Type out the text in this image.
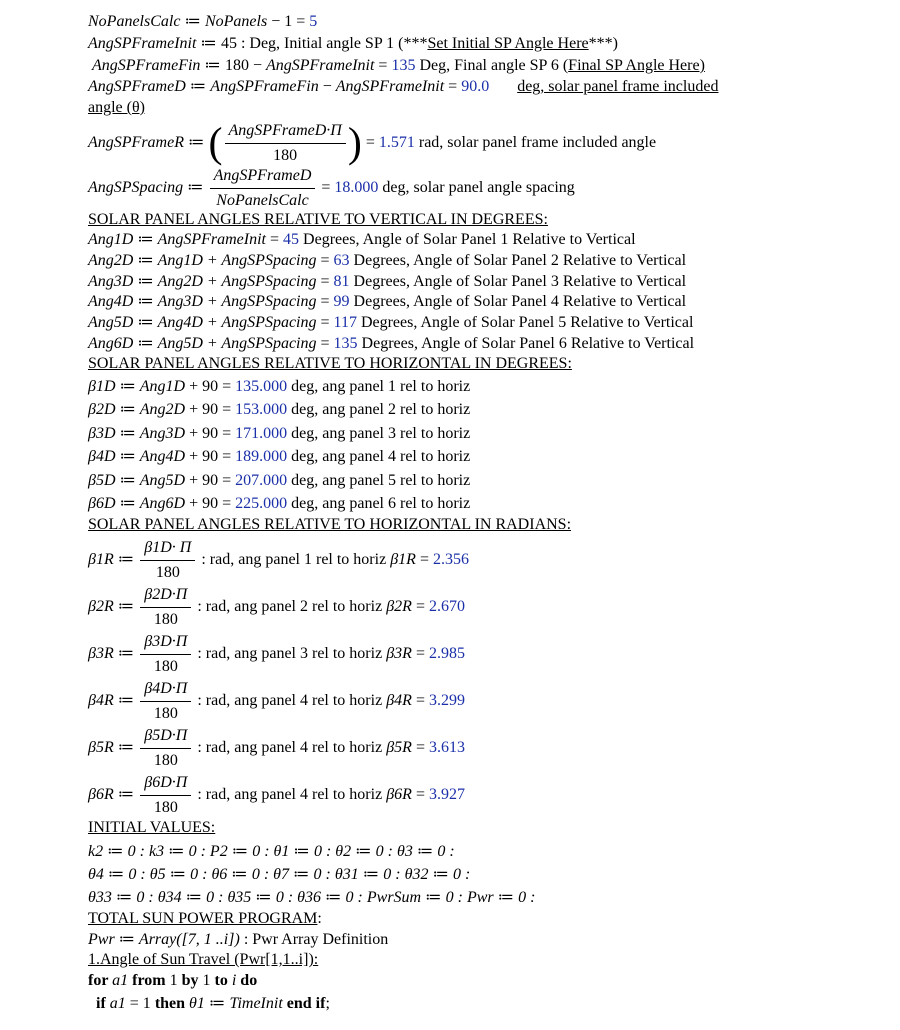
NoPanelsCalc ≔ NoPanels − 1 = 5
AngSPFrameInit ≔ 45 : Deg, Initial angle SP 1 (***Set Initial SP Angle Here***)
AngSPFrameFin ≔ 180 − AngSPFrameInit = 135 Deg, Final angle SP 6 (Final SP Angle Here)
AngSPFrameD ≔ AngSPFrameFin − AngSPFrameInit = 90.0 deg, solar panel frame included
angle (θ)
AngSPFrameR ≔ ( $\frac{\text{AngSPFrameD·Π}}{180}$ ) = 1.571 rad, solar panel frame included angle
AngSPSpacing ≔ $\frac{\text{AngSPFrameD}}{\text{NoPanelsCalc}} = 18.000$ deg, solar panel angle spacing
SOLAR PANEL ANGLES RELATIVE TO VERTICAL IN DEGREES:
Ang1D ≔ AngSPFrameInit = 45 Degrees, Angle of Solar Panel 1 Relative to Vertical
Ang2D ≔ Ang1D + AngSPSpacing = 63 Degrees, Angle of Solar Panel 2 Relative to Vertical
Ang3D ≔ Ang2D + AngSPSpacing = 81 Degrees, Angle of Solar Panel 3 Relative to Vertical
Ang4D ≔ Ang3D + AngSPSpacing = 99 Degrees, Angle of Solar Panel 4 Relative to Vertical
Ang5D ≔ Ang4D + AngSPSpacing = 117 Degrees, Angle of Solar Panel 5 Relative to Vertical
Ang6D ≔ Ang5D + AngSPSpacing = 135 Degrees, Angle of Solar Panel 6 Relative to Vertical
SOLAR PANEL ANGLES RELATIVE TO HORIZONTAL IN DEGREES:
β1D ≔ Ang1D + 90 = 135.000 deg, ang panel 1 rel to horiz
β2D ≔ Ang2D + 90 = 153.000 deg, ang panel 2 rel to horiz
β3D ≔ Ang3D + 90 = 171.000 deg, ang panel 3 rel to horiz
β4D ≔ Ang4D + 90 = 189.000 deg, ang panel 4 rel to horiz
β5D ≔ Ang5D + 90 = 207.000 deg, ang panel 5 rel to horiz
β6D ≔ Ang6D + 90 = 225.000 deg, ang panel 6 rel to horiz
SOLAR PANEL ANGLES RELATIVE TO HORIZONTAL IN RADIANS:
β1R ≔ $\frac{\beta 1D\cdot \Pi}{180}$ : rad, ang panel 1 rel to horiz β1R = 2.356
β2R ≔ $\frac{\beta 2D\cdot\Pi}{180}$ : rad, ang panel 2 rel to horiz β2R = 2.670
β3R ≔ $\frac{\beta 3D\cdot\Pi}{180}$ : rad, ang panel 3 rel to horiz β3R = 2.985
β4R ≔ $\frac{\beta 4D\cdot\Pi}{180}$ : rad, ang panel 4 rel to horiz β4R = 3.299
β5R ≔ $\frac{\beta 5D\cdot\Pi}{180}$ : rad, ang panel 4 rel to horiz β5R = 3.613
β6R ≔ $\frac{\beta 6D\cdot\Pi}{180}$ : rad, ang panel 4 rel to horiz β6R = 3.927
INITIAL VALUES:
k2 ≔ 0 : k3 ≔ 0 : P2 ≔ 0 : θ1 ≔ 0 : θ2 ≔ 0 : θ3 ≔ 0 :
θ4 ≔ 0 : θ5 ≔ 0 : θ6 ≔ 0 : θ7 ≔ 0 : θ31 ≔ 0 : θ32 ≔ 0 :
θ33 ≔ 0 : θ34 ≔ 0 : θ35 ≔ 0 : θ36 ≔ 0 : PwrSum ≔ 0 : Pwr ≔ 0 :
TOTAL SUN POWER PROGRAM:
Pwr ≔ Array([7, 1 ..i]) : Pwr Array Definition
1.Angle of Sun Travel (Pwr[1,1..i]):
for a1 from 1 by 1 to i do
if a1 = 1 then θ1 ≔ TimeInit end if;
